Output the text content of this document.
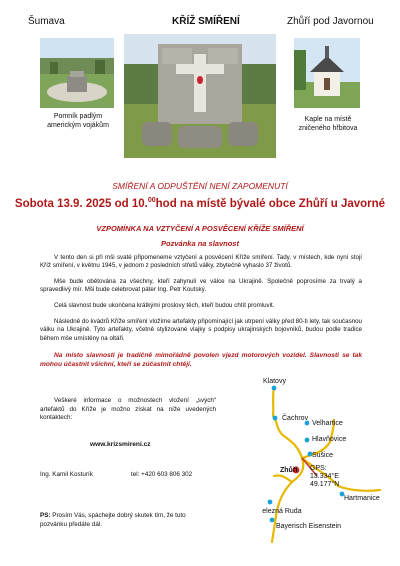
Šumava	KŘÍŽ SMÍŘENÍ	Zhůří pod Javornou
Pomník padlým
americkým vojákům
Kaple na místě
zničeného hřbitova
SMÍŘENÍ A ODPUŠTĚNÍ NENÍ ZAPOMENUTÍ
Sobota 13.9. 2025 od 10.00hod na místě bývalé obce Zhůří u Javorné
VZPOMÍNKA NA VZTYČENÍ A POSVĚCENÍ KŘÍŽE SMÍŘENÍ
Pozvánka na slavnost
V tento den si při mši svaté připomeneme vztyčení a posvěcení Kříže smíření. Tady, v místech, kde nyní stojí Kříž smíření, v květnu 1945, v jednom z posledních střetů války, zbytečně vyhaslo 37 životů.
Mše bude obětována za všechny, kteří zahynuli ve válce na Ukrajině. Společně poprosíme za trvalý a spravedlivý mír. Mši bude celebrovat páter Ing. Petr Koutský.
Celá slavnost bude ukončena krátkými proslovy těch, kteří budou chtít promluvit.
Následně do kvádrů Kříže smíření vložíme artefakty připomínající jak utrpení války před 80-ti lety, tak současnou válku na Ukrajině. Tyto artefakty, včetně stylizované vlajky s podpisy ukrajinských bojovníků, budou podle tradice během mše umístěny na oltáři.
Na místo slavnosti je tradičně mimořádně povolen vjezd motorových vozidel. Slavnosti se tak mohou účastnit všichni, kteří se zúčastnit chtějí.
Veškeré informace o možnostech vložení „svých“ artefaktů do Kříže je možno získat na níže uvedených kontaktech:
www.krizsmireni.cz
Ing. Kamil Kosturík	tel: +420 603 806 302
PS: Prosím Vás, spáchejte dobrý skutek tím, že tuto pozvánku předáte dál.
Klatovy
Čachrov
Velhartice
Hlavňovice
Sušice
Zhůří
Hartmanice
Železná Ruda
Bayerisch Eisenstein
GPS:
13.334°E
49.177°N
